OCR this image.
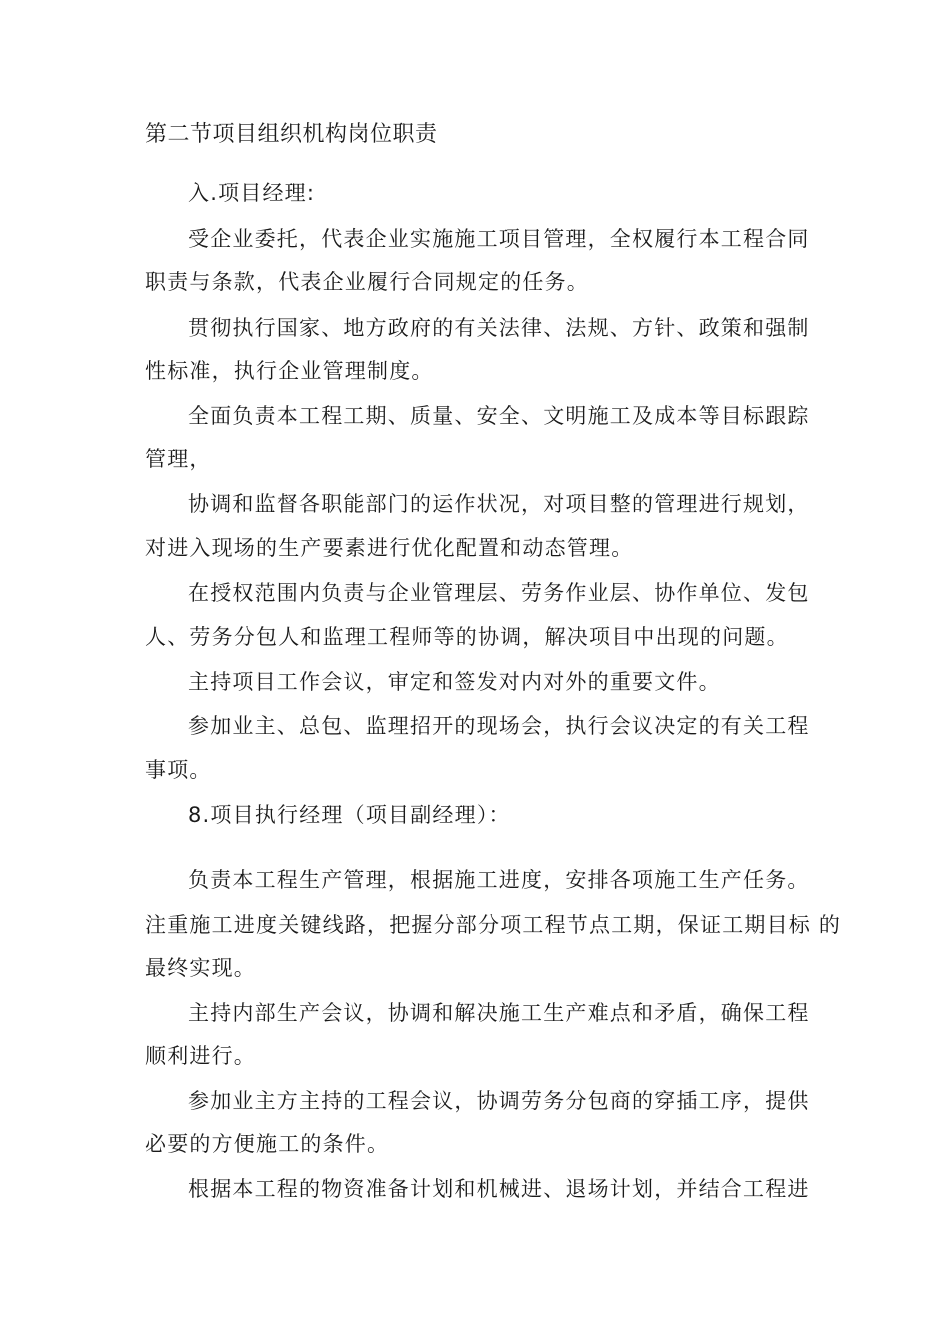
第二节项目组织机构岗位职责
入.项目经理:
受企业委托，代表企业实施施工项目管理，全权履行本工程合同
职责与条款，代表企业履行合同规定的任务。
贯彻执行国家、地方政府的有关法律、法规、方针、政策和强制
性标准，执行企业管理制度。
全面负责本工程工期、质量、安全、文明施工及成本等目标跟踪
管理，
协调和监督各职能部门的运作状况，对项目整的管理进行规划，
对进入现场的生产要素进行优化配置和动态管理。
在授权范围内负责与企业管理层、劳务作业层、协作单位、发包
人、劳务分包人和监理工程师等的协调，解决项目中出现的问题。
主持项目工作会议，审定和签发对内对外的重要文件。
参加业主、总包、监理招开的现场会，执行会议决定的有关工程
事项。
8.项目执行经理（项目副经理）：
负责本工程生产管理，根据施工进度，安排各项施工生产任务。
注重施工进度关键线路，把握分部分项工程节点工期，保证工期目标 的
最终实现。
主持内部生产会议，协调和解决施工生产难点和矛盾，确保工程
顺利进行。
参加业主方主持的工程会议，协调劳务分包商的穿插工序，提供
必要的方便施工的条件。
根据本工程的物资准备计划和机械进、退场计划，并结合工程进
